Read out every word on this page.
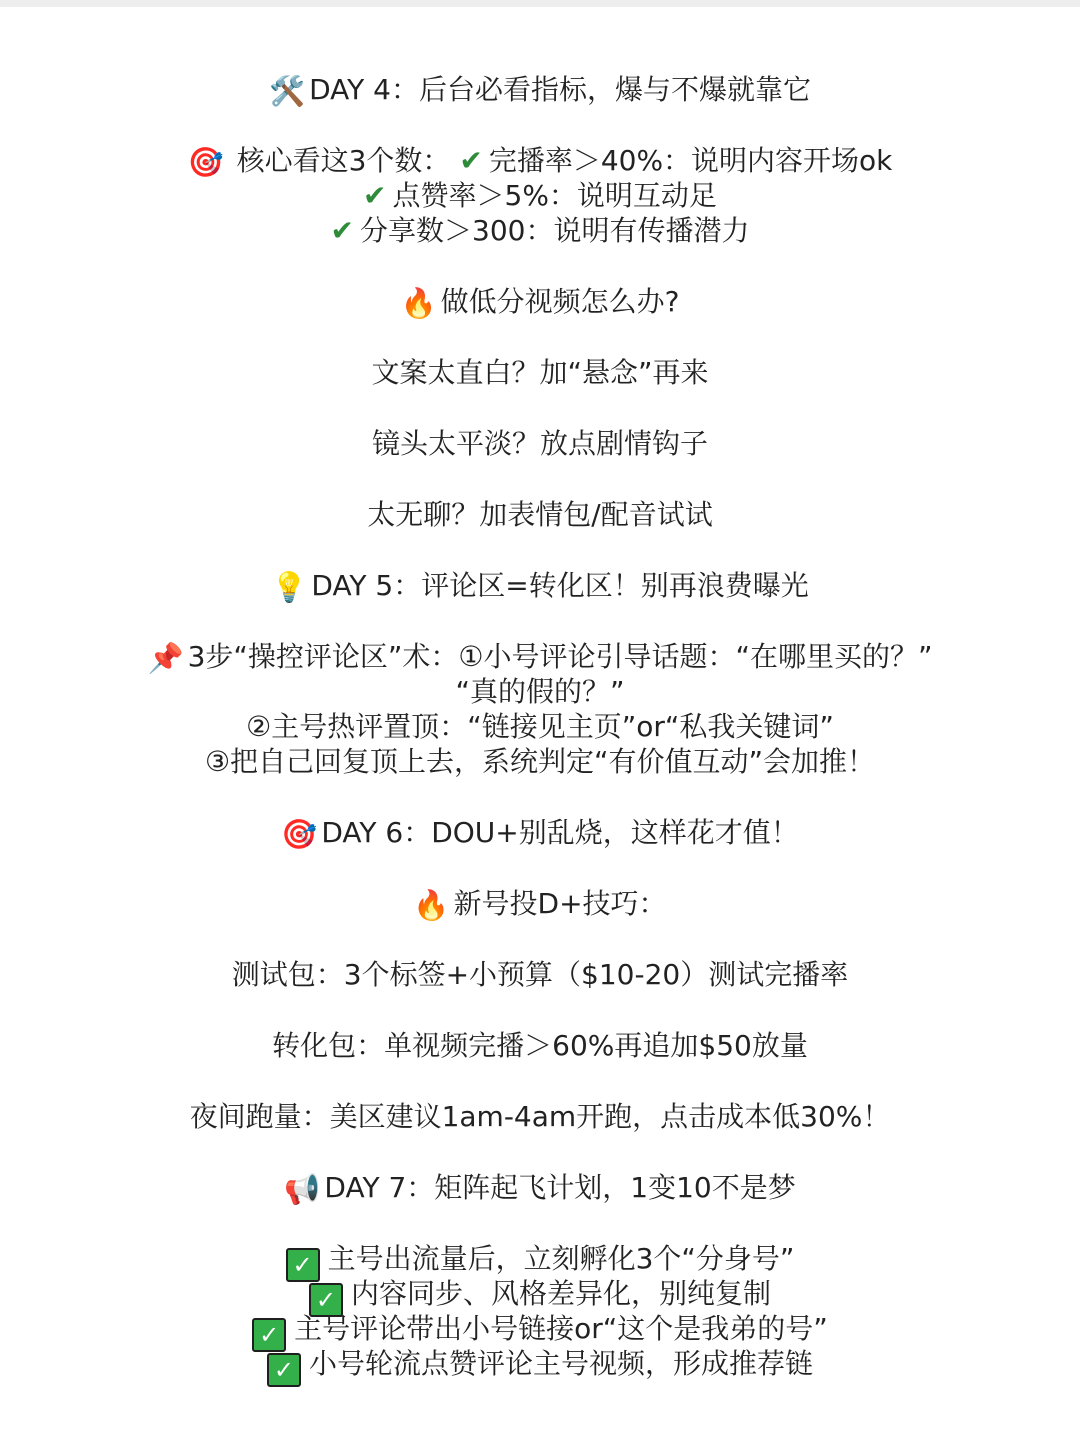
🛠️ DAY 4：后台必看指标，爆与不爆就靠它
🎯 核心看这3个数： ✔ 完播率＞40%：说明内容开场ok
✔ 点赞率＞5%：说明互动足
✔ 分享数＞300：说明有传播潜力
🔥 做低分视频怎么办?
文案太直白？加“悬念”再来
镜头太平淡？放点剧情钩子
太无聊？加表情包/配音试试
💡 DAY 5：评论区=转化区！别再浪费曝光
📌 3步“操控评论区”术：①小号评论引导话题：“在哪里买的？”
“真的假的？”
②主号热评置顶：“链接见主页”or“私我关键词”
③把自己回复顶上去，系统判定“有价值互动”会加推！
🎯 DAY 6：DOU+别乱烧，这样花才值！
🔥 新号投D+技巧：
测试包：3个标签+小预算（$10-20）测试完播率
转化包：单视频完播＞60%再追加$50放量
夜间跑量：美区建议1am-4am开跑，点击成本低30%！
📢 DAY 7：矩阵起飞计划，1变10不是梦
✓ 主号出流量后，立刻孵化3个“分身号”
✓ 内容同步、风格差异化，别纯复制
✓ 主号评论带出小号链接or“这个是我弟的号”
✓ 小号轮流点赞评论主号视频，形成推荐链
